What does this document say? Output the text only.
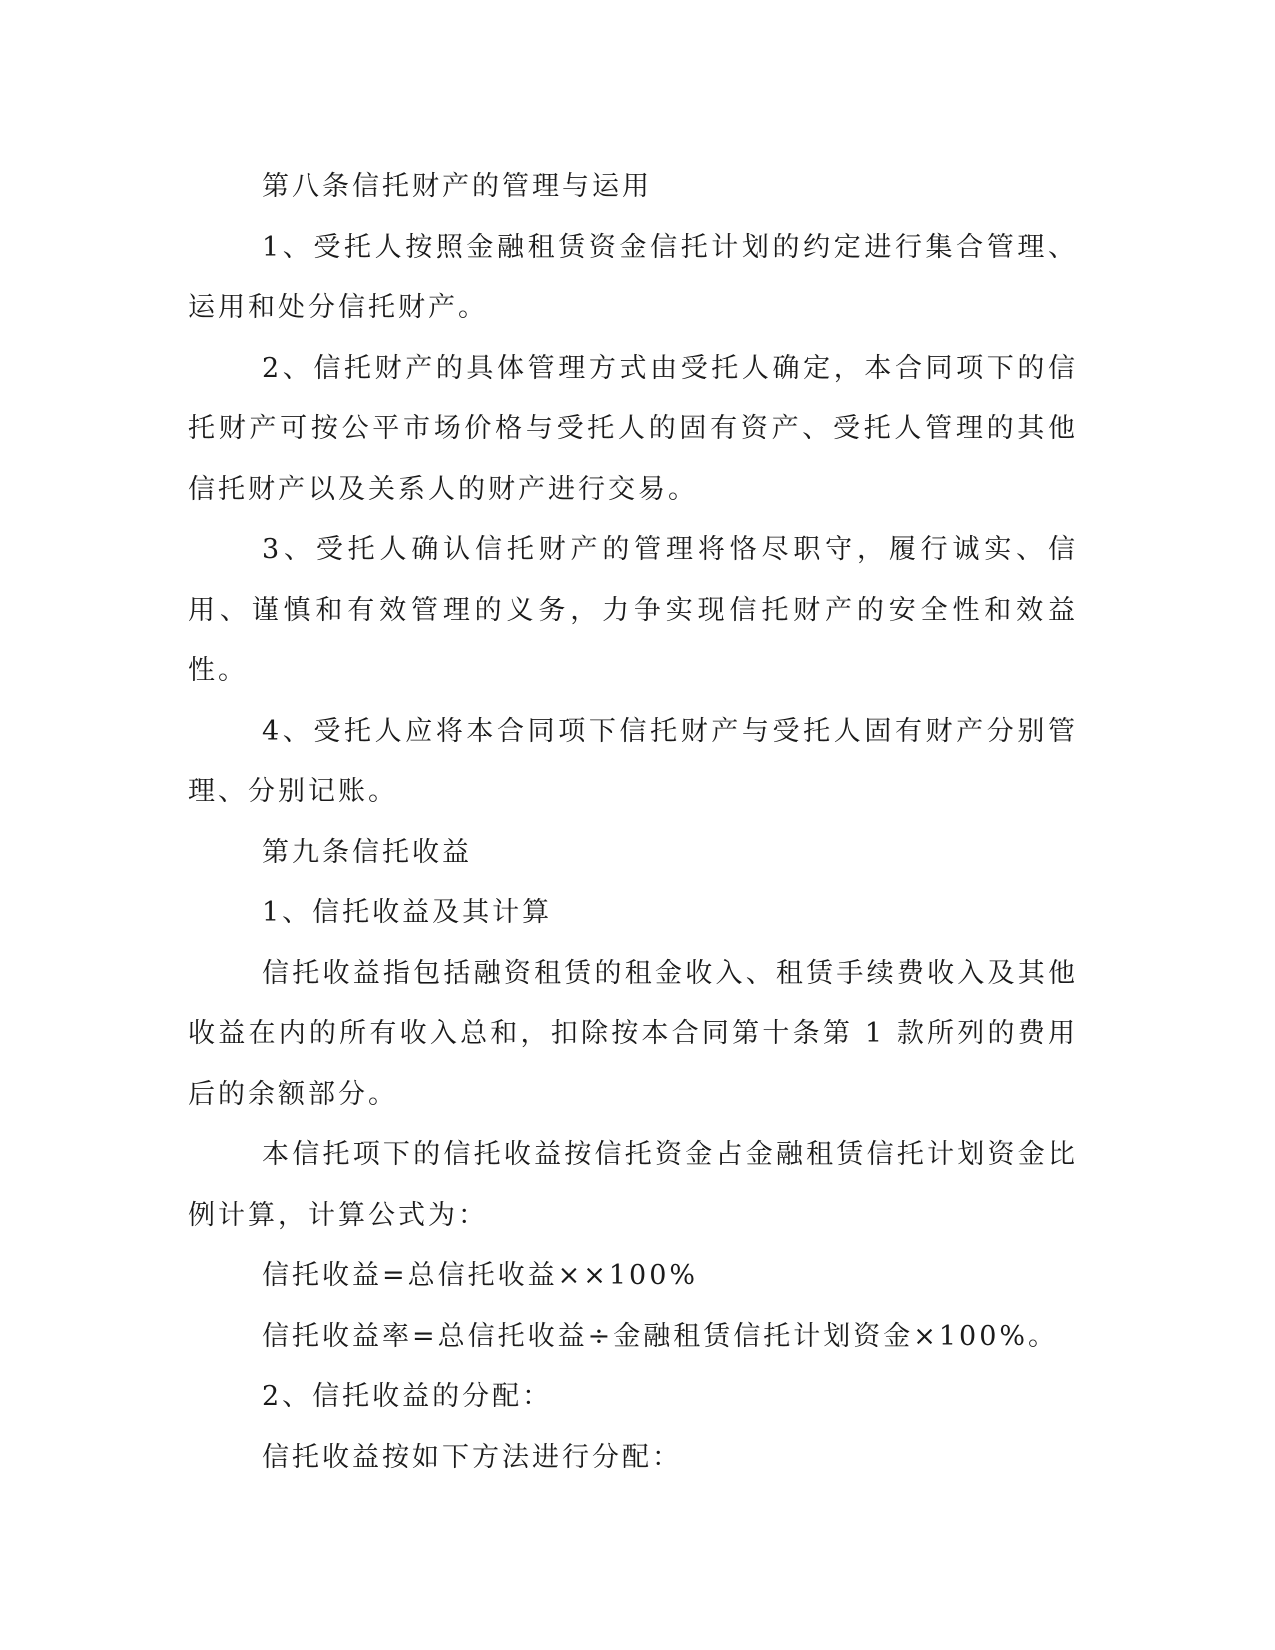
第八条信托财产的管理与运用

1、受托人按照金融租赁资金信托计划的约定进行集合管理、运用和处分信托财产。

2、信托财产的具体管理方式由受托人确定，本合同项下的信托财产可按公平市场价格与受托人的固有资产、受托人管理的其他信托财产以及关系人的财产进行交易。

3、受托人确认信托财产的管理将恪尽职守，履行诚实、信用、谨慎和有效管理的义务，力争实现信托财产的安全性和效益性。

4、受托人应将本合同项下信托财产与受托人固有财产分别管理、分别记账。

第九条信托收益

1、信托收益及其计算

信托收益指包括融资租赁的租金收入、租赁手续费收入及其他收益在内的所有收入总和，扣除按本合同第十条第 1 款所列的费用后的余额部分。

本信托项下的信托收益按信托资金占金融租赁信托计划资金比例计算，计算公式为：

信托收益=总信托收益××100%

信托收益率=总信托收益÷金融租赁信托计划资金×100%。

2、信托收益的分配：

信托收益按如下方法进行分配：
